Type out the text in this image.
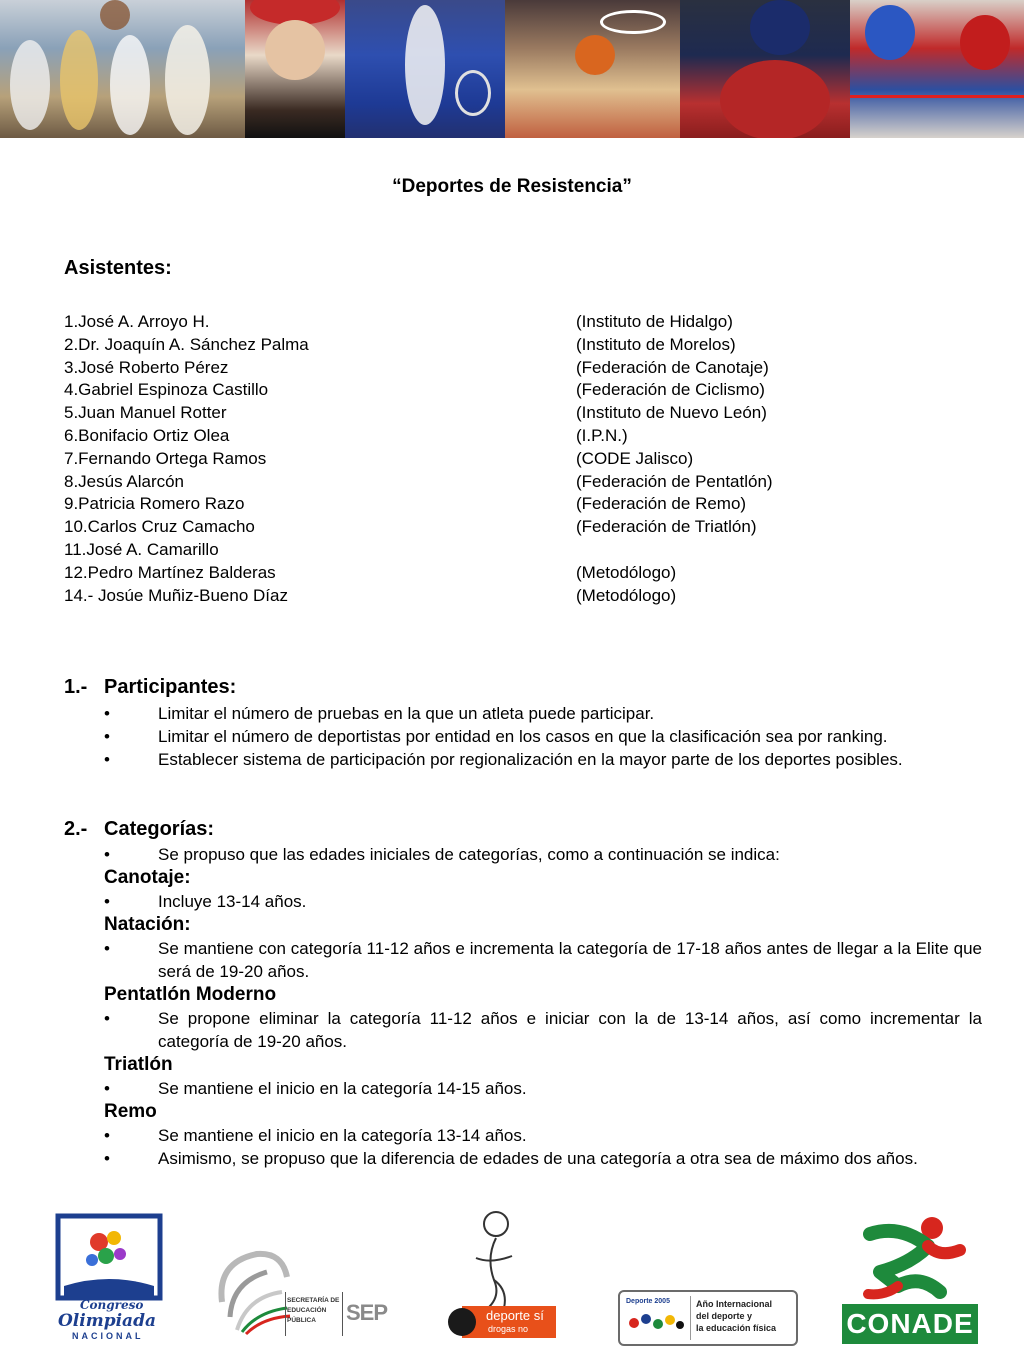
“Deportes de Resistencia”
Asistentes:
1.José A. Arroyo H.	(Instituto de Hidalgo)
2.Dr. Joaquín A. Sánchez Palma	(Instituto de Morelos)
3.José Roberto Pérez	(Federación de Canotaje)
4.Gabriel Espinoza Castillo	(Federación de Ciclismo)
5.Juan Manuel Rotter	(Instituto de Nuevo León)
6.Bonifacio Ortiz Olea	(I.P.N.)
7.Fernando Ortega Ramos	(CODE Jalisco)
8.Jesús Alarcón	(Federación de Pentatlón)
9.Patricia Romero Razo	(Federación de Remo)
10.Carlos Cruz Camacho	(Federación de Triatlón)
11.José A. Camarillo
12.Pedro Martínez Balderas	(Metodólogo)
14.- Josúe Muñiz-Bueno Díaz	(Metodólogo)
1.- Participantes:

• Limitar el número de pruebas en la que un atleta puede participar.

• Limitar el número de deportistas por entidad en los casos en que la clasificación sea por ranking.

• Establecer sistema de participación por regionalización en la mayor parte de los deportes posibles.

2.- Categorías:

• Se propuso que las edades iniciales de categorías, como a continuación se indica:

Canotaje:

• Incluye 13-14 años.

Natación:

• Se mantiene con categoría 11-12 años e incrementa la categoría de 17-18 años antes de llegar a la Elite que será de 19-20 años.

Pentatlón Moderno

• Se propone eliminar la categoría 11-12 años e iniciar con la de 13-14 años, así como incrementar la categoría de 19-20 años.

Triatlón

• Se mantiene el inicio en la categoría 14-15 años.

Remo

• Se mantiene el inicio en la categoría 13-14 años.

• Asimismo, se propuso que la diferencia de edades de una categoría a otra sea de máximo dos años.

2005
Congreso
Olimpiada
NACIONAL
SECRETARÍA DE
EDUCACIÓN
PÚBLICA	SEP	deporte sí
drogas no
Deporte 2005	Año Internacional
del deporte y
la educación física	CONADE
